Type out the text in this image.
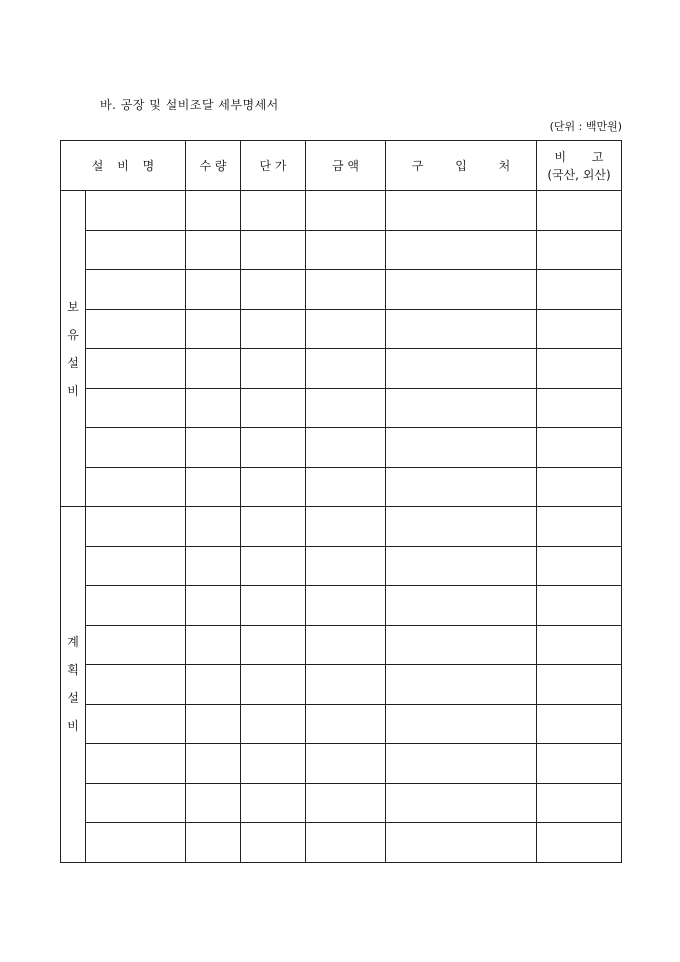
바. 공장 및 설비조달 세부명세서
(단위 : 백만원)
설 비 명		수 량	단 가	금 액	구 입 처	비 고
(국산, 외산)

보
유
설
비						

계
획
설
비						
